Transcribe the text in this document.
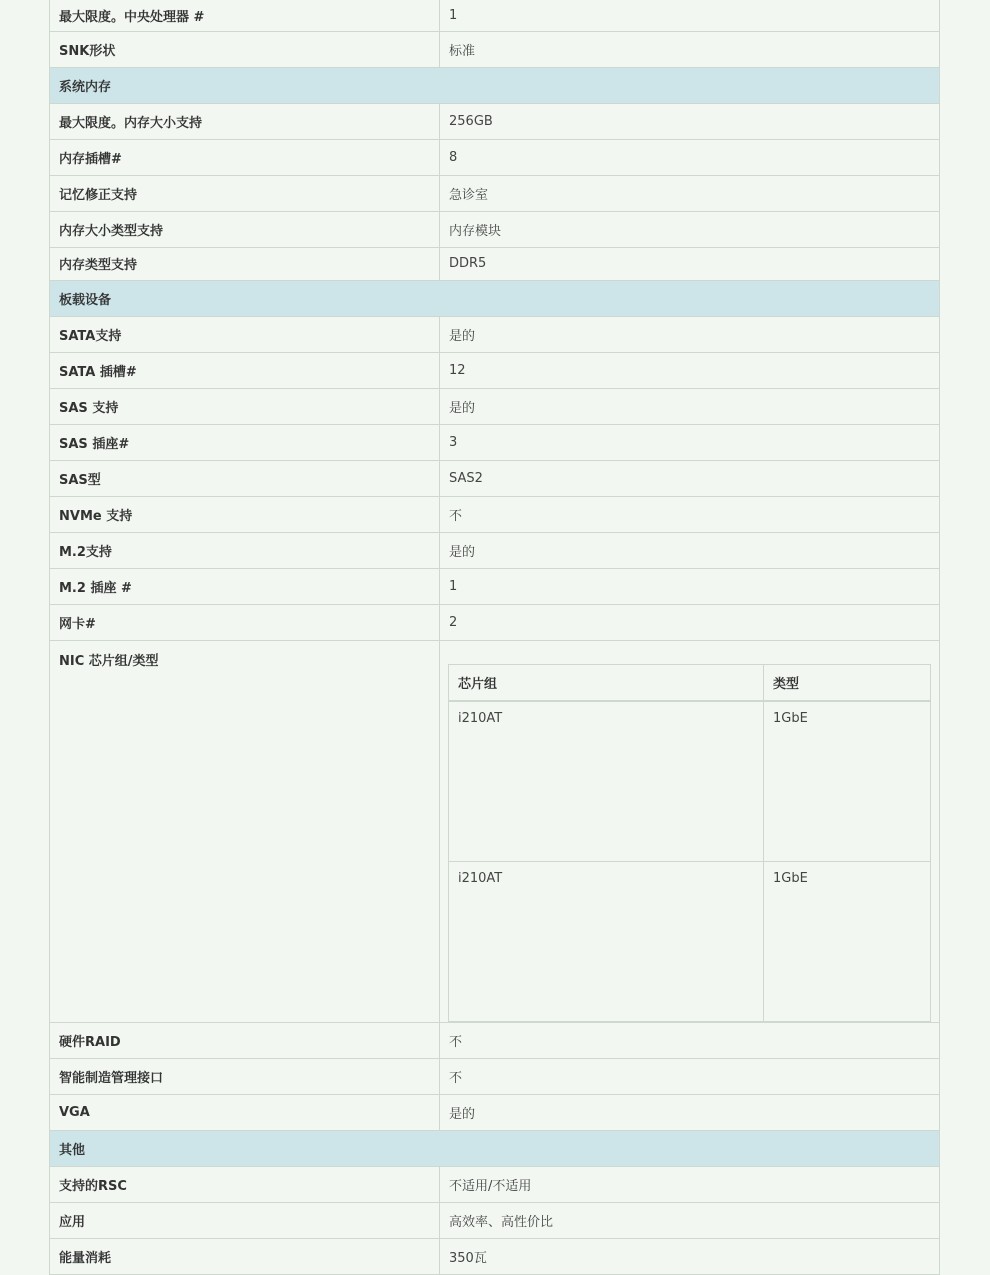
最大限度。中央处理器 #	1
SNK形状	标准
系统内存
最大限度。内存大小支持	256GB
内存插槽#	8
记忆修正支持	急诊室
内存大小类型支持	内存模块
内存类型支持	DDR5
板载设备
SATA支持	是的
SATA 插槽#	12
SAS 支持	是的
SAS 插座#	3
SAS型	SAS2
NVMe 支持	不
M.2支持	是的
M.2 插座 #	1
网卡#	2
NIC 芯片组/类型	
芯片组	类型
i210AT	1GbE
i210AT	1GbE

硬件RAID	不
智能制造管理接口	不
VGA	是的
其他
支持的RSC	不适用/不适用
应用	高效率、高性价比
能量消耗	350瓦
